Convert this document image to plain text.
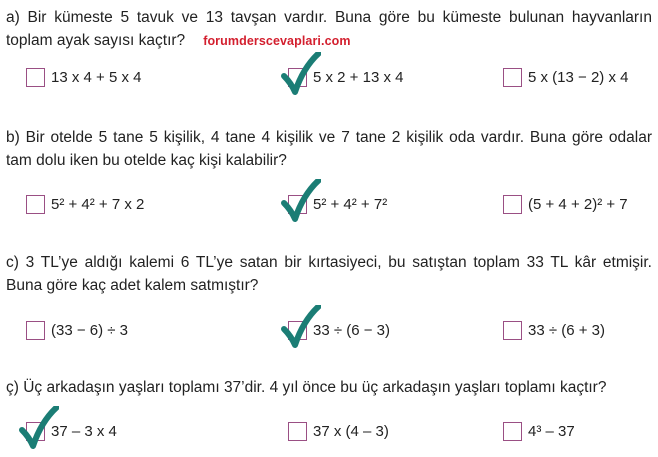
a) Bir kümeste 5 tavuk ve 13 tavşan vardır. Buna göre bu kümeste bulunan hayvanların
toplam ayak sayısı kaçtır? forumderscevaplari.com
13 x 4 + 5 x 4	5 x 2 + 13 x 4	5 x (13 − 2) x 4
b) Bir otelde 5 tane 5 kişilik, 4 tane 4 kişilik ve 7 tane 2 kişilik oda vardır. Buna göre odalar
tam dolu iken bu otelde kaç kişi kalabilir?
5² + 4² + 7 x 2	5² + 4² + 7²	(5 + 4 + 2)² + 7
c) 3 TL’ye aldığı kalemi 6 TL’ye satan bir kırtasiyeci, bu satıştan toplam 33 TL kâr etmişir.
Buna göre kaç adet kalem satmıştır?
(33 − 6) ÷ 3	33 ÷ (6 − 3)	33 ÷ (6 + 3)
ç) Üç arkadaşın yaşları toplamı 37’dir. 4 yıl önce bu üç arkadaşın yaşları toplamı kaçtır?
37 – 3 x 4	37 x (4 – 3)	4³ – 37
